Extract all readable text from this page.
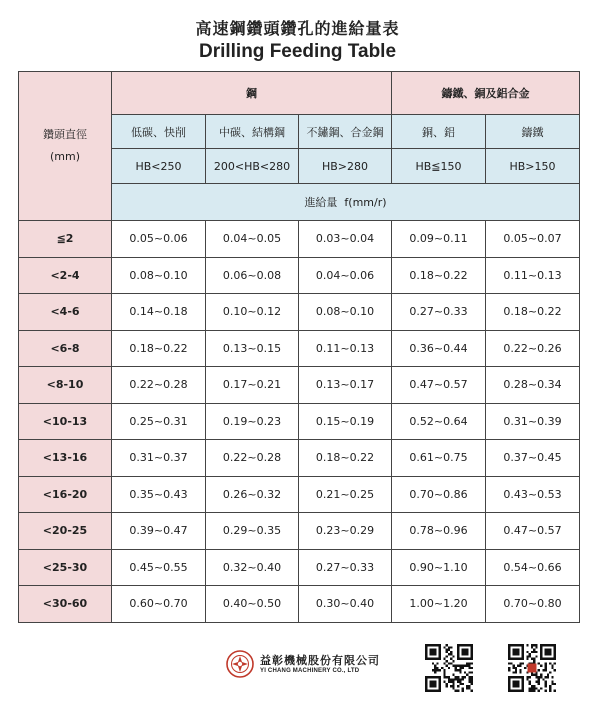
高速鋼鑽頭鑽孔的進給量表
Drilling Feeding Table
鑽頭直徑
(mm)	鋼			鑄鐵、銅及鋁合金	
	低碳、快削	中碳、結構鋼	不鏽鋼、合金鋼	銅、鋁	鑄鐵
	HB<250	200<HB<280	HB>280	HB≦150	HB>150
	進給量  f(mm/r)				
≦2	0.05~0.06	0.04~0.05	0.03~0.04	0.09~0.11	0.05~0.07
<2-4	0.08~0.10	0.06~0.08	0.04~0.06	0.18~0.22	0.11~0.13
<4-6	0.14~0.18	0.10~0.12	0.08~0.10	0.27~0.33	0.18~0.22
<6-8	0.18~0.22	0.13~0.15	0.11~0.13	0.36~0.44	0.22~0.26
<8-10	0.22~0.28	0.17~0.21	0.13~0.17	0.47~0.57	0.28~0.34
<10-13	0.25~0.31	0.19~0.23	0.15~0.19	0.52~0.64	0.31~0.39
<13-16	0.31~0.37	0.22~0.28	0.18~0.22	0.61~0.75	0.37~0.45
<16-20	0.35~0.43	0.26~0.32	0.21~0.25	0.70~0.86	0.43~0.53
<20-25	0.39~0.47	0.29~0.35	0.23~0.29	0.78~0.96	0.47~0.57
<25-30	0.45~0.55	0.32~0.40	0.27~0.33	0.90~1.10	0.54~0.66
<30-60	0.60~0.70	0.40~0.50	0.30~0.40	1.00~1.20	0.70~0.80
益彰機械股份有限公司
YI CHANG MACHINERY CO., LTD
